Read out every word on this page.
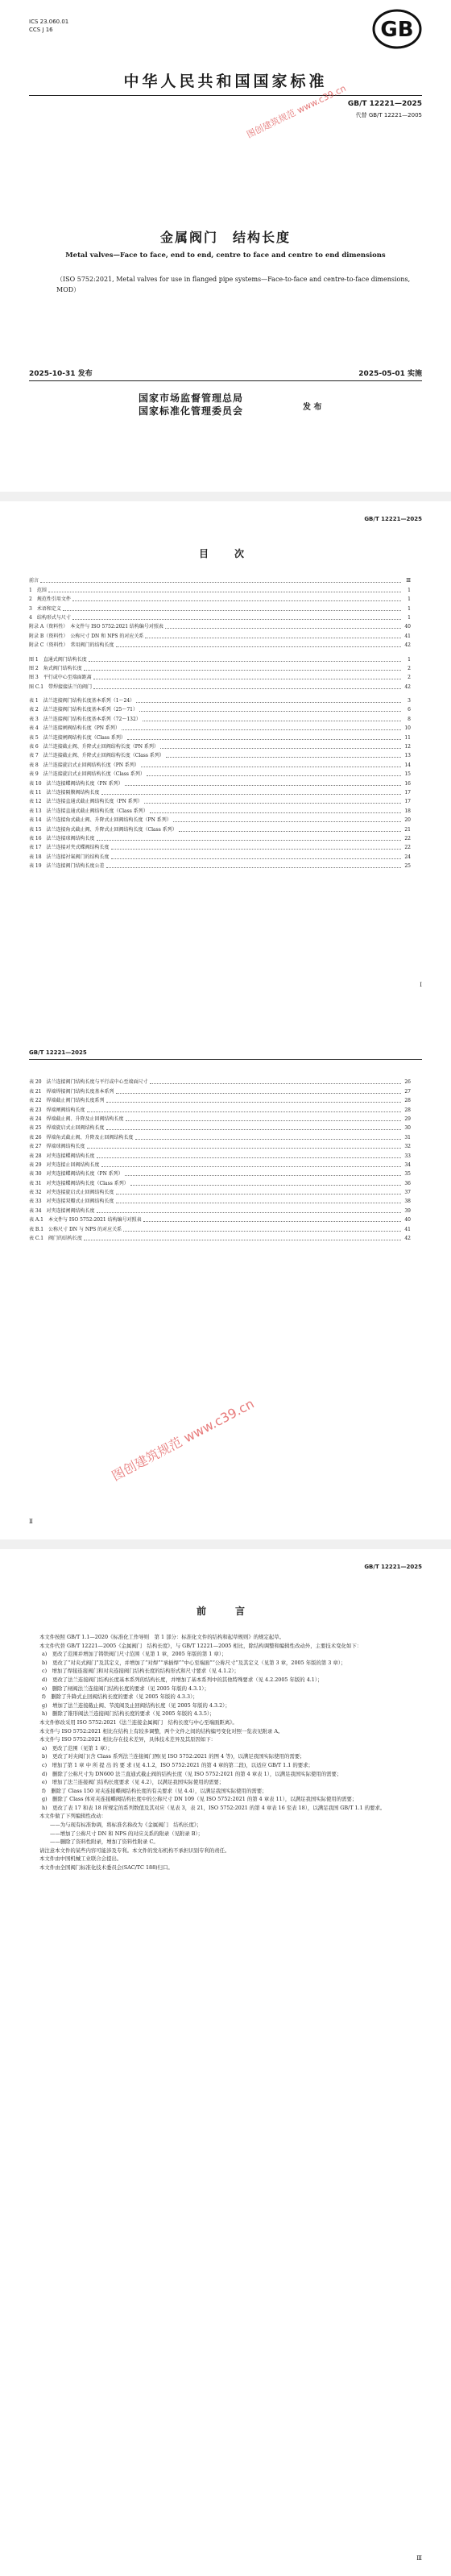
ICS 23.060.01
CCS J 16	GB
中华人民共和国国家标准
GB/T 12221—2025
代替 GB/T 12221—2005
图创建筑规范 www.c39.cn
金属阀门　结构长度
Metal valves—Face to face, end to end, centre to face and centre to end dimensions
（ISO 5752:2021, Metal valves for use in flanged pipe systems—Face-to-face and centre-to-face dimensions, MOD）
2025-10-31 发布	2025-05-01 实施
国家市场监督管理总局
国家标准化管理委员会	发 布
GB/T 12221—2025
目　次
前言	Ⅲ
1　范围	1
2　规范性引用文件	1
3　术语和定义	1
4　结构形式与尺寸	1
附录 A（资料性）　本文件与 ISO 5752:2021 结构编号对照表	40
附录 B（资料性）　公称尺寸 DN 和 NPS 的对应关系	41
附录 C（资料性）　常用阀门的结构长度	42
图 1　直通式阀门结构长度	1
图 2　角式阀门结构长度	2
图 3　平行或中心至端面距离	2
图 C.1　带焊接接法兰的阀门	42
表 1　法兰连接阀门结构长度基本系列（1～24）	3
表 2　法兰连接阀门结构长度基本系列（25～71）	6
表 3　法兰连接阀门结构长度基本系列（72～132）	8
表 4　法兰连接闸阀结构长度（PN 系列）	10
表 5　法兰连接闸阀结构长度（Class 系列）	11
表 6　法兰连接截止阀、升降式止回阀结构长度（PN 系列）	12
表 7　法兰连接截止阀、升降式止回阀结构长度（Class 系列）	13
表 8　法兰连接旋启式止回阀结构长度（PN 系列）	14
表 9　法兰连接旋启式止回阀结构长度（Class 系列）	15
表 10　法兰连接蝶阀结构长度（PN 系列）	16
表 11　法兰连接隔膜阀结构长度	17
表 12　法兰连接直通式截止阀结构长度（PN 系列）	17
表 13　法兰连接直通式截止阀结构长度（Class 系列）	18
表 14　法兰连接角式截止阀、升降式止回阀结构长度（PN 系列）	20
表 15　法兰连接角式截止阀、升降式止回阀结构长度（Class 系列）	21
表 16　法兰连接球阀结构长度	22
表 17　法兰连接对夹式蝶阀结构长度	22
表 18　法兰连接衬氟阀门的结构长度	24
表 19　法兰连接阀门结构长度公差	25
Ⅰ
GB/T 12221—2025
表 20　法兰连接阀门结构长度与平行或中心至端面尺寸	26
表 21　焊端焊接阀门结构长度基本系列	27
表 22　焊端截止阀门结构长度系列	28
表 23　焊端闸阀结构长度	28
表 24　焊端截止阀、升降及止回阀结构长度	29
表 25　焊端旋启式止回阀结构长度	30
表 26　焊端角式截止阀、升降及止回阀结构长度	31
表 27　焊端球阀结构长度	32
表 28　对夹连接蝶阀结构长度	33
表 29　对夹连接止回阀结构长度	34
表 30　对夹连接蝶阀结构长度（PN 系列）	35
表 31　对夹连接蝶阀结构长度（Class 系列）	36
表 32　对夹连接旋启式止回阀结构长度	37
表 33　对夹连接双瓣式止回阀结构长度	38
表 34　对夹连接闸阀结构长度	39
表 A.1　本文件与 ISO 5752:2021 结构编号对照表	40
表 B.1　公称尺寸 DN 与 NPS 的对应关系	41
表 C.1　阀门的结构长度	42
图创建筑规范 www.c39.cn
Ⅱ
GB/T 12221—2025
前　言

本文件按照 GB/T 1.1—2020《标准化工作导则　第 1 部分：标准化文件的结构和起草规则》的规定起草。

本文件代替 GB/T 12221—2005《金属阀门　结构长度》，与 GB/T 12221—2005 相比，除结构调整和编辑性改动外，主要技术变化如下：

a)　更改了范围并增加了铸铁阀门尺寸范围（见第 1 章，2005 年版的第 1 章）；

b)　更改了“对夹式阀门”及其定义，并增加了“对焊”“承插焊”“中心至端面”“公称尺寸”及其定义（见第 3 章，2005 年版的第 3 章）；

c)　增加了焊接连接阀门和对夹连接阀门结构长度的结构形式和尺寸要求（见 4.1.2）；

d)　更改了法兰连接阀门结构长度基本系列的结构长度，并增加了基本系列中的其他特殊要求（见 4.2.2005 年版的 4.1）；

e)　删除了闸阀法兰连接阀门结构长度的要求（见 2005 年版的 4.3.1）；

f)　删除了升降式止回阀结构长度的要求（见 2005 年版的 4.3.3）；

g)　增加了法兰连接截止阀、节流阀及止回阀结构长度（见 2005 年版的 4.3.2）；

h)　删除了锥形阀法兰连接阀门结构长度的要求（见 2005 年版的 4.3.5）；

本文件修改采用 ISO 5752:2021《法兰连接金属阀门　结构长度与中心至端面距离》。

本文件与 ISO 5752:2021 相比在结构上有较多调整，两个文件之间的结构编号变化对照一览表见附录 A。

本文件与 ISO 5752:2021 相比存在技术差异，具体技术差异及其原因如下：

a)　更改了范围（见第 1 章）；

b)　更改了对夹阀门(含 Class 系列法兰连接阀门图(见 ISO 5752:2021 的图 4 等)，以满足我国实际使用的需要；

c)　增加了第 1 章 中 所 提 出 的 要 求 (见 4.1.2，ISO 5752:2021 的第 4 章的第二段)，以适应 GB/T 1.1 的要求；

d)　删除了公称尺寸为 DN600 法兰直通式截止阀的结构长度（见 ISO 5752:2021 的第 4 章表 1），以满足我国实际使用的需要；

e)　增加了法兰连接阀门结构长度要求（见 4.2），以满足我国实际使用的需要；

f)　删除了 Class 150 对夹连接蝶阀结构长度的有关要求（见 4.4），以满足我国实际使用的需要；

g)　删除了 Class 体对夹连接蝶阀结构长度中的公称尺寸 DN 109（见 ISO 5752:2021 的第 4 章表 11），以满足我国实际使用的需要；

h)　更改了表 17 和表 18 所规定的系列数值及其对应（见表 3，表 21，ISO 5752:2021 的第 4 章表 16 至表 18），以满足我国 GB/T 1.1 的要求。

本文件做了下列编辑性改动：

——为与现有标准协调，将标准名称改为《金属阀门　结构长度》；

——增加了公称尺寸 DN 和 NPS 的对应关系的附录（见附录 B）；

——删除了资料性附录，增加了资料性附录 C。

请注意本文件的某些内容可能涉及专利。本文件的发布机构不承担识别专利的责任。

本文件由中国机械工业联合会提出。

本文件由全国阀门标准化技术委员会(SAC/TC 188)归口。

Ⅲ
